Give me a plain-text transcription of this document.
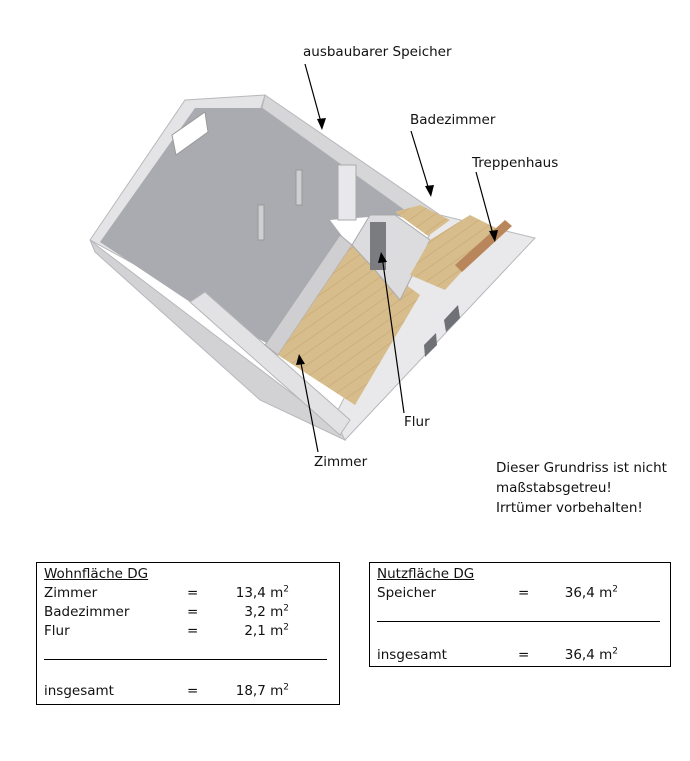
ausbaubarer Speicher
Badezimmer
Treppenhaus
Flur
Zimmer	Dieser Grundriss ist nicht
maßstabsgetreu!
Irrtümer vorbehalten!
Wohnfläche DG
Zimmer	=	13,4 $m^2$
Badezimmer	=	3,2 $m^2$
Flur	=	2,1 $m^2$
insgesamt	=	18,7 $m^2$
Nutzfläche DG
Speicher	=	36,4 $m^2$
insgesamt	=	36,4 $m^2$
